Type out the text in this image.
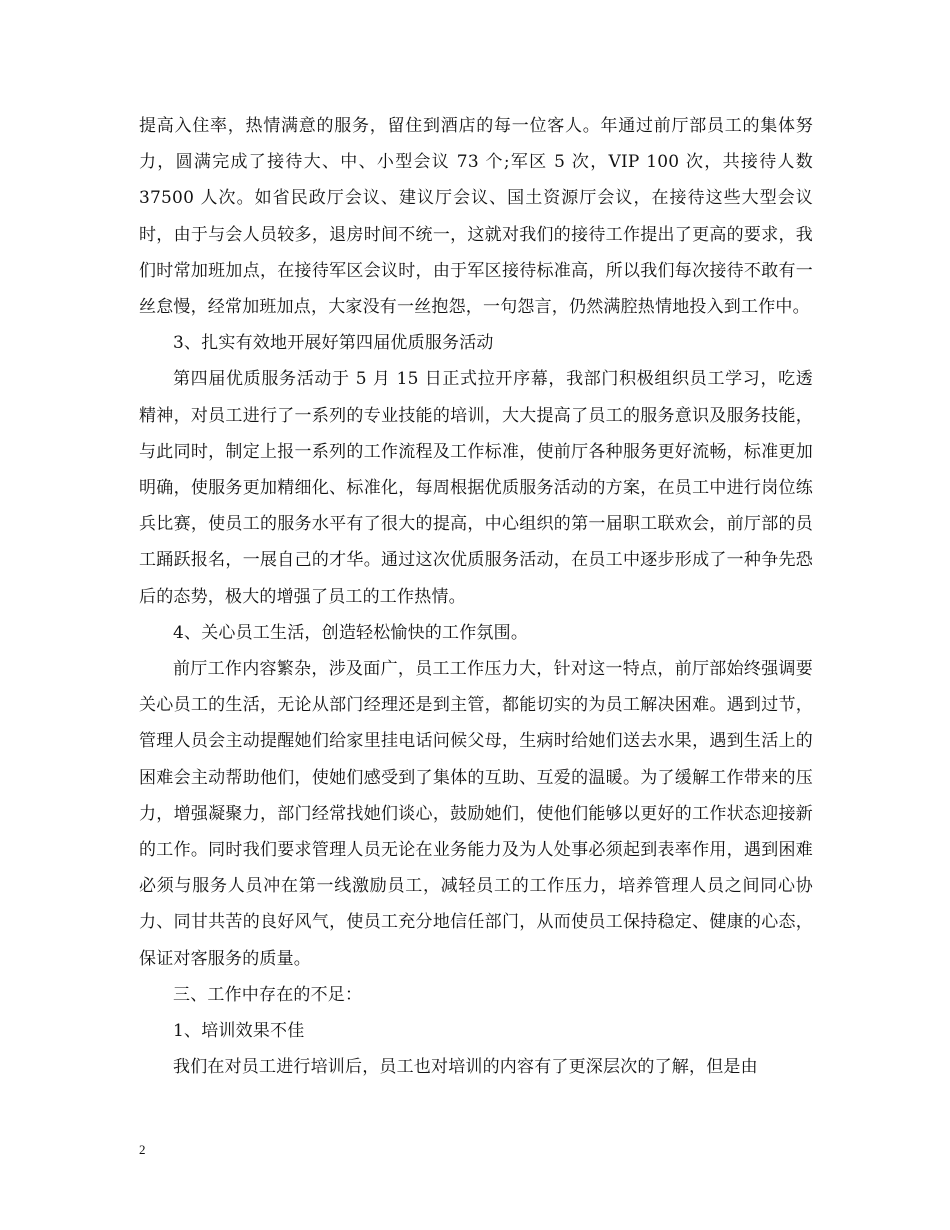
提高入住率，热情满意的服务，留住到酒店的每一位客人。年通过前厅部员工的集体努力，圆满完成了接待大、中、小型会议 73 个;军区 5 次，VIP 100 次，共接待人数 37500 人次。如省民政厅会议、建议厅会议、国土资源厅会议，在接待这些大型会议时，由于与会人员较多，退房时间不统一，这就对我们的接待工作提出了更高的要求，我们时常加班加点，在接待军区会议时，由于军区接待标准高，所以我们每次接待不敢有一丝怠慢，经常加班加点，大家没有一丝抱怨，一句怨言，仍然满腔热情地投入到工作中。

3、扎实有效地开展好第四届优质服务活动

第四届优质服务活动于 5 月 15 日正式拉开序幕，我部门积极组织员工学习，吃透精神，对员工进行了一系列的专业技能的培训，大大提高了员工的服务意识及服务技能，与此同时，制定上报一系列的工作流程及工作标准，使前厅各种服务更好流畅，标准更加明确，使服务更加精细化、标准化，每周根据优质服务活动的方案，在员工中进行岗位练兵比赛，使员工的服务水平有了很大的提高，中心组织的第一届职工联欢会，前厅部的员工踊跃报名，一展自己的才华。通过这次优质服务活动，在员工中逐步形成了一种争先恐后的态势，极大的增强了员工的工作热情。

4、关心员工生活，创造轻松愉快的工作氛围。

前厅工作内容繁杂，涉及面广，员工工作压力大，针对这一特点，前厅部始终强调要关心员工的生活，无论从部门经理还是到主管，都能切实的为员工解决困难。遇到过节，管理人员会主动提醒她们给家里挂电话问候父母，生病时给她们送去水果，遇到生活上的困难会主动帮助他们，使她们感受到了集体的互助、互爱的温暖。为了缓解工作带来的压力，增强凝聚力，部门经常找她们谈心，鼓励她们，使他们能够以更好的工作状态迎接新的工作。同时我们要求管理人员无论在业务能力及为人处事必须起到表率作用，遇到困难必须与服务人员冲在第一线激励员工，减轻员工的工作压力，培养管理人员之间同心协力、同甘共苦的良好风气，使员工充分地信任部门，从而使员工保持稳定、健康的心态，保证对客服务的质量。

三、工作中存在的不足：

1、培训效果不佳

我们在对员工进行培训后，员工也对培训的内容有了更深层次的了解，但是由

2
